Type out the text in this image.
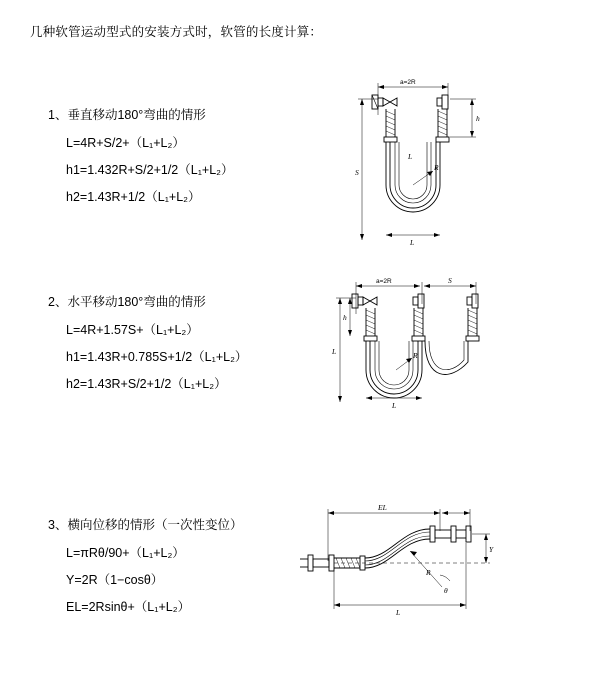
几种软管运动型式的安装方式时，软管的长度计算：

1、垂直移动180°弯曲的情形

L=4R+S/2+（L₁+L₂）

h1=1.432R+S/2+1/2（L₁+L₂）

h2=1.43R+1/2（L₁+L₂）

a=2R
h
S
R
L
L

2、水平移动180°弯曲的情形

L=4R+1.57S+（L₁+L₂）

h1=1.43R+0.785S+1/2（L₁+L₂）

h2=1.43R+S/2+1/2（L₁+L₂）

a=2R	S
L
h
R
L

3、横向位移的情形（一次性变位）

L=πRθ/90+（L₁+L₂）

Y=2R（1−cosθ）

EL=2Rsinθ+（L₁+L₂）

EL
Y
R
θ
L
